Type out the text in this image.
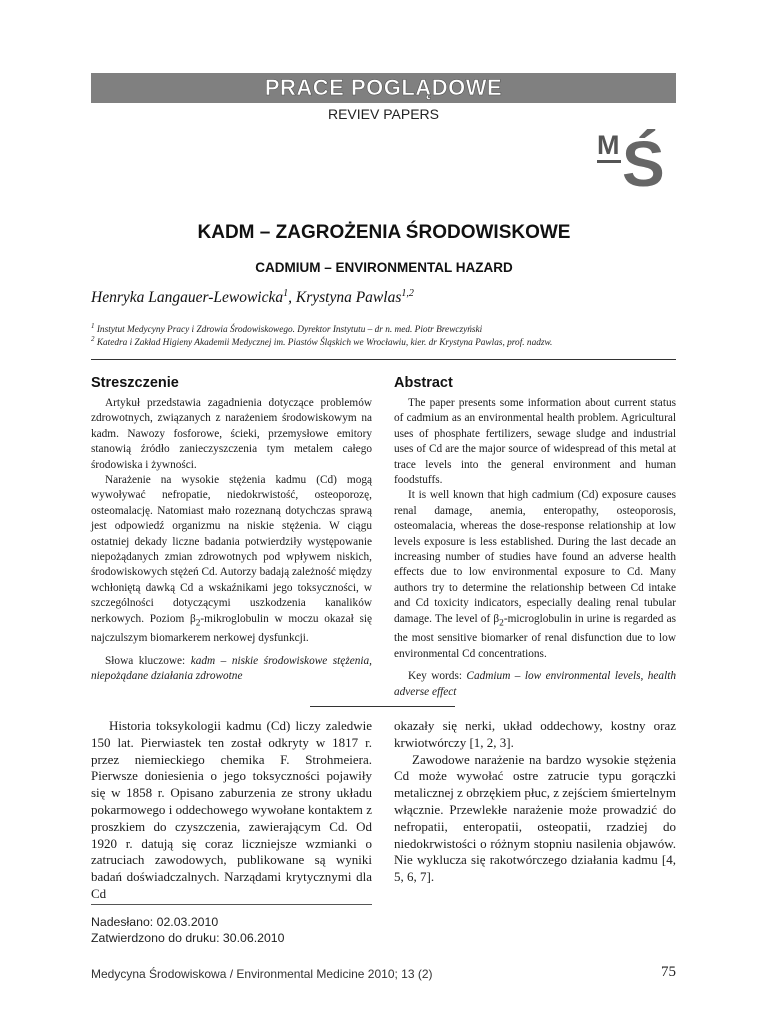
PRACE POGLĄDOWE
REVIEV PAPERS
M Ś
KADM – ZAGROŻENIA ŚRODOWISKOWE
CADMIUM – ENVIRONMENTAL HAZARD
Henryka Langauer-Lewowicka$^1$, Krystyna Pawlas$^{1,2}$
$^1$ Instytut Medycyny Pracy i Zdrowia Środowiskowego. Dyrektor Instytutu – dr n. med. Piotr Brewczyński
$^2$ Katedra i Zakład Higieny Akademii Medycznej im. Piastów Śląskich we Wrocławiu, kier. dr Krystyna Pawlas, prof. nadzw.
Streszczenie

Artykuł przedstawia zagadnienia dotyczące problemów zdrowotnych, związanych z narażeniem środowiskowym na kadm. Nawozy fosforowe, ścieki, przemysłowe emitory stanowią źródło zanieczyszczenia tym metalem całego środowiska i żywności.

Narażenie na wysokie stężenia kadmu (Cd) mogą wywoływać nefropatie, niedokrwistość, osteoporozę, osteomalację. Natomiast mało rozeznaną dotychczas sprawą jest odpowiedź organizmu na niskie stężenia. W ciągu ostatniej dekady liczne badania potwierdziły występowanie niepożądanych zmian zdrowotnych pod wpływem niskich, środowiskowych stężeń Cd. Autorzy badają zależność między wchłoniętą dawką Cd a wskaźnikami jego toksyczności, w szczególności dotyczącymi uszkodzenia kanalików nerkowych. Poziom $\beta_2$-mikroglobulin w moczu okazał się najczulszym biomarkerem nerkowej dysfunkcji.

Słowa kluczowe: kadm – niskie środowiskowe stężenia, niepożądane działania zdrowotne
Abstract

The paper presents some information about current status of cadmium as an environmental health problem. Agricultural uses of phosphate fertilizers, sewage sludge and industrial uses of Cd are the major source of widespread of this metal at trace levels into the general environment and human foodstuffs.

It is well known that high cadmium (Cd) exposure causes renal damage, anemia, enteropathy, osteoporosis, osteomalacia, whereas the dose-response relationship at low levels exposure is less established. During the last decade an increasing number of studies have found an adverse health effects due to low environmental exposure to Cd. Many authors try to determine the relationship between Cd intake and Cd toxicity indicators, especially dealing renal tubular damage. The level of $\beta_2$-microglobulin in urine is regarded as the most sensitive biomarker of renal disfunction due to low environmental Cd concentrations.

Key words: Cadmium – low environmental levels, health adverse effect

Historia toksykologii kadmu (Cd) liczy zaledwie 150 lat. Pierwiastek ten został odkryty w 1817 r. przez niemieckiego chemika F. Strohmeiera. Pierwsze doniesienia o jego toksyczności pojawiły się w 1858 r. Opisano zaburzenia ze strony układu pokarmowego i oddechowego wywołane kontaktem z proszkiem do czyszczenia, zawierającym Cd. Od 1920 r. datują się coraz liczniejsze wzmianki o zatruciach zawodowych, publikowane są wyniki badań doświadczalnych. Narządami krytycznymi dla Cd

okazały się nerki, układ oddechowy, kostny oraz krwiotwórczy [1, 2, 3].

Zawodowe narażenie na bardzo wysokie stężenia Cd może wywołać ostre zatrucie typu gorączki metalicznej z obrzękiem płuc, z zejściem śmiertelnym włącznie. Przewlekłe narażenie może prowadzić do nefropatii, enteropatii, osteopatii, rzadziej do niedokrwistości o różnym stopniu nasilenia objawów. Nie wyklucza się rakotwórczego działania kadmu [4, 5, 6, 7].

Nadesłano: 02.03.2010
Zatwierdzono do druku: 30.06.2010
Medycyna Środowiskowa / Environmental Medicine 2010; 13 (2)	75
